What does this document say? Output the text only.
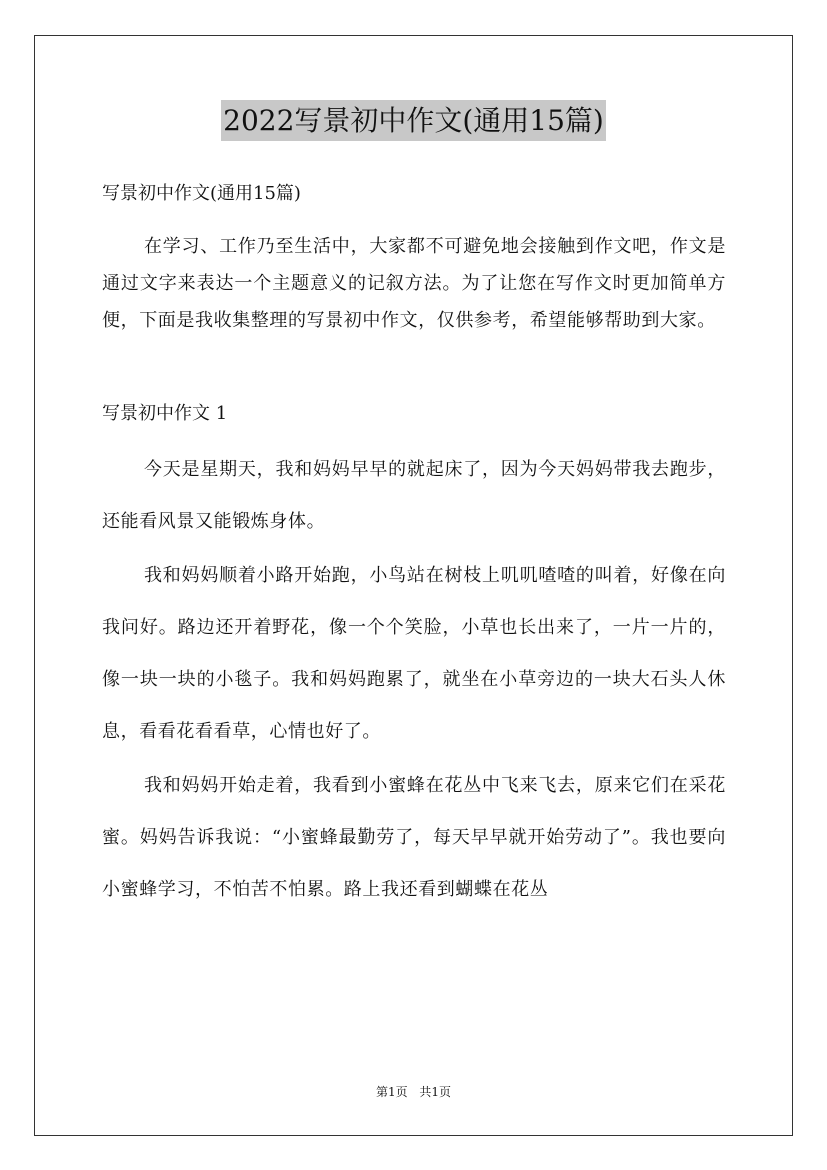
2022写景初中作文(通用15篇)
写景初中作文(通用15篇)

在学习、工作乃至生活中，大家都不可避免地会接触到作文吧，作文是通过文字来表达一个主题意义的记叙方法。为了让您在写作文时更加简单方便，下面是我收集整理的写景初中作文，仅供参考，希望能够帮助到大家。

写景初中作文 1

今天是星期天，我和妈妈早早的就起床了，因为今天妈妈带我去跑步，还能看风景又能锻炼身体。

我和妈妈顺着小路开始跑，小鸟站在树枝上叽叽喳喳的叫着，好像在向我问好。路边还开着野花，像一个个笑脸，小草也长出来了，一片一片的，像一块一块的小毯子。我和妈妈跑累了，就坐在小草旁边的一块大石头人休息，看看花看看草，心情也好了。

我和妈妈开始走着，我看到小蜜蜂在花丛中飞来飞去，原来它们在采花蜜。妈妈告诉我说：“小蜜蜂最勤劳了，每天早早就开始劳动了”。我也要向小蜜蜂学习，不怕苦不怕累。路上我还看到蝴蝶在花丛

第1页 共1页
